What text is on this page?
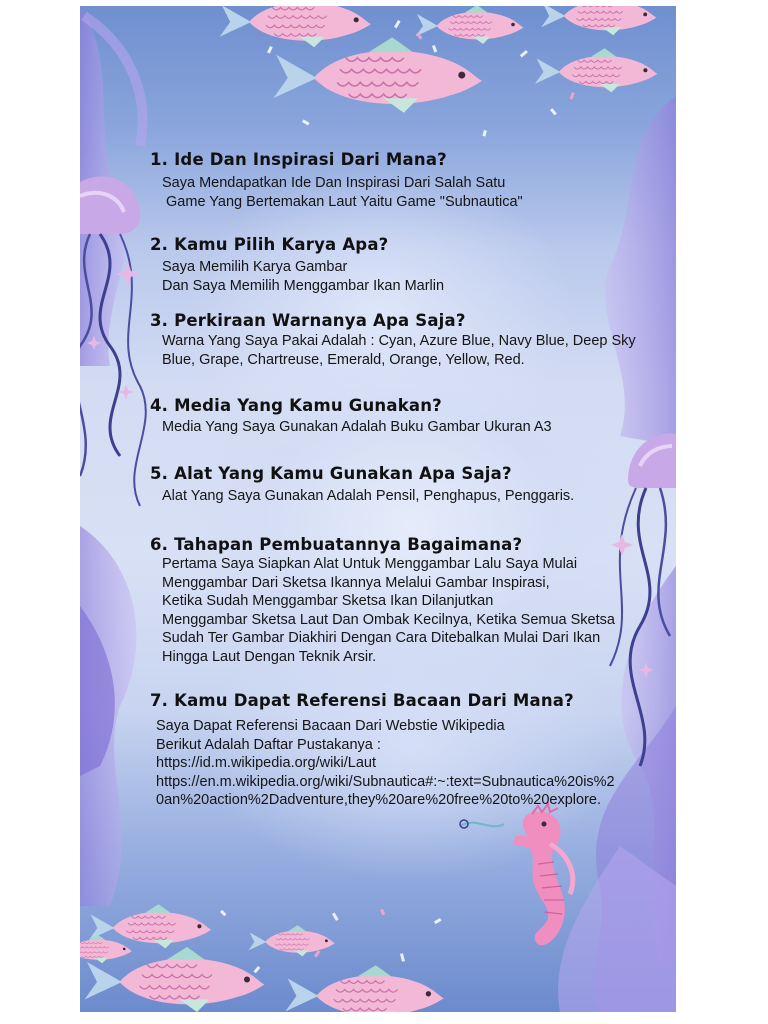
1. Ide Dan Inspirasi Dari Mana?

Saya Mendapatkan Ide Dan Inspirasi Dari Salah Satu
Game Yang Bertemakan Laut Yaitu Game "Subnautica"

2. Kamu Pilih Karya Apa?

Saya Memilih Karya Gambar
Dan Saya Memilih Menggambar Ikan Marlin

3. Perkiraan Warnanya Apa Saja?

Warna Yang Saya Pakai Adalah : Cyan, Azure Blue, Navy Blue, Deep Sky
Blue, Grape, Chartreuse, Emerald, Orange, Yellow, Red.

4. Media Yang Kamu Gunakan?

Media Yang Saya Gunakan Adalah Buku Gambar Ukuran A3

5. Alat Yang Kamu Gunakan Apa Saja?

Alat Yang Saya Gunakan Adalah Pensil, Penghapus, Penggaris.

6. Tahapan Pembuatannya Bagaimana?

Pertama Saya Siapkan Alat Untuk Menggambar Lalu Saya Mulai
Menggambar Dari Sketsa Ikannya Melalui Gambar Inspirasi,
Ketika Sudah Menggambar Sketsa Ikan Dilanjutkan
Menggambar Sketsa Laut Dan Ombak Kecilnya, Ketika Semua Sketsa
Sudah Ter Gambar Diakhiri Dengan Cara Ditebalkan Mulai Dari Ikan
Hingga Laut Dengan Teknik Arsir.

7. Kamu Dapat Referensi Bacaan Dari Mana?

Saya Dapat Referensi Bacaan Dari Webstie Wikipedia
Berikut Adalah Daftar Pustakanya :
https://id.m.wikipedia.org/wiki/Laut
https://en.m.wikipedia.org/wiki/Subnautica#:~:text=Subnautica%20is%2
0an%20action%2Dadventure,they%20are%20free%20to%20explore.
